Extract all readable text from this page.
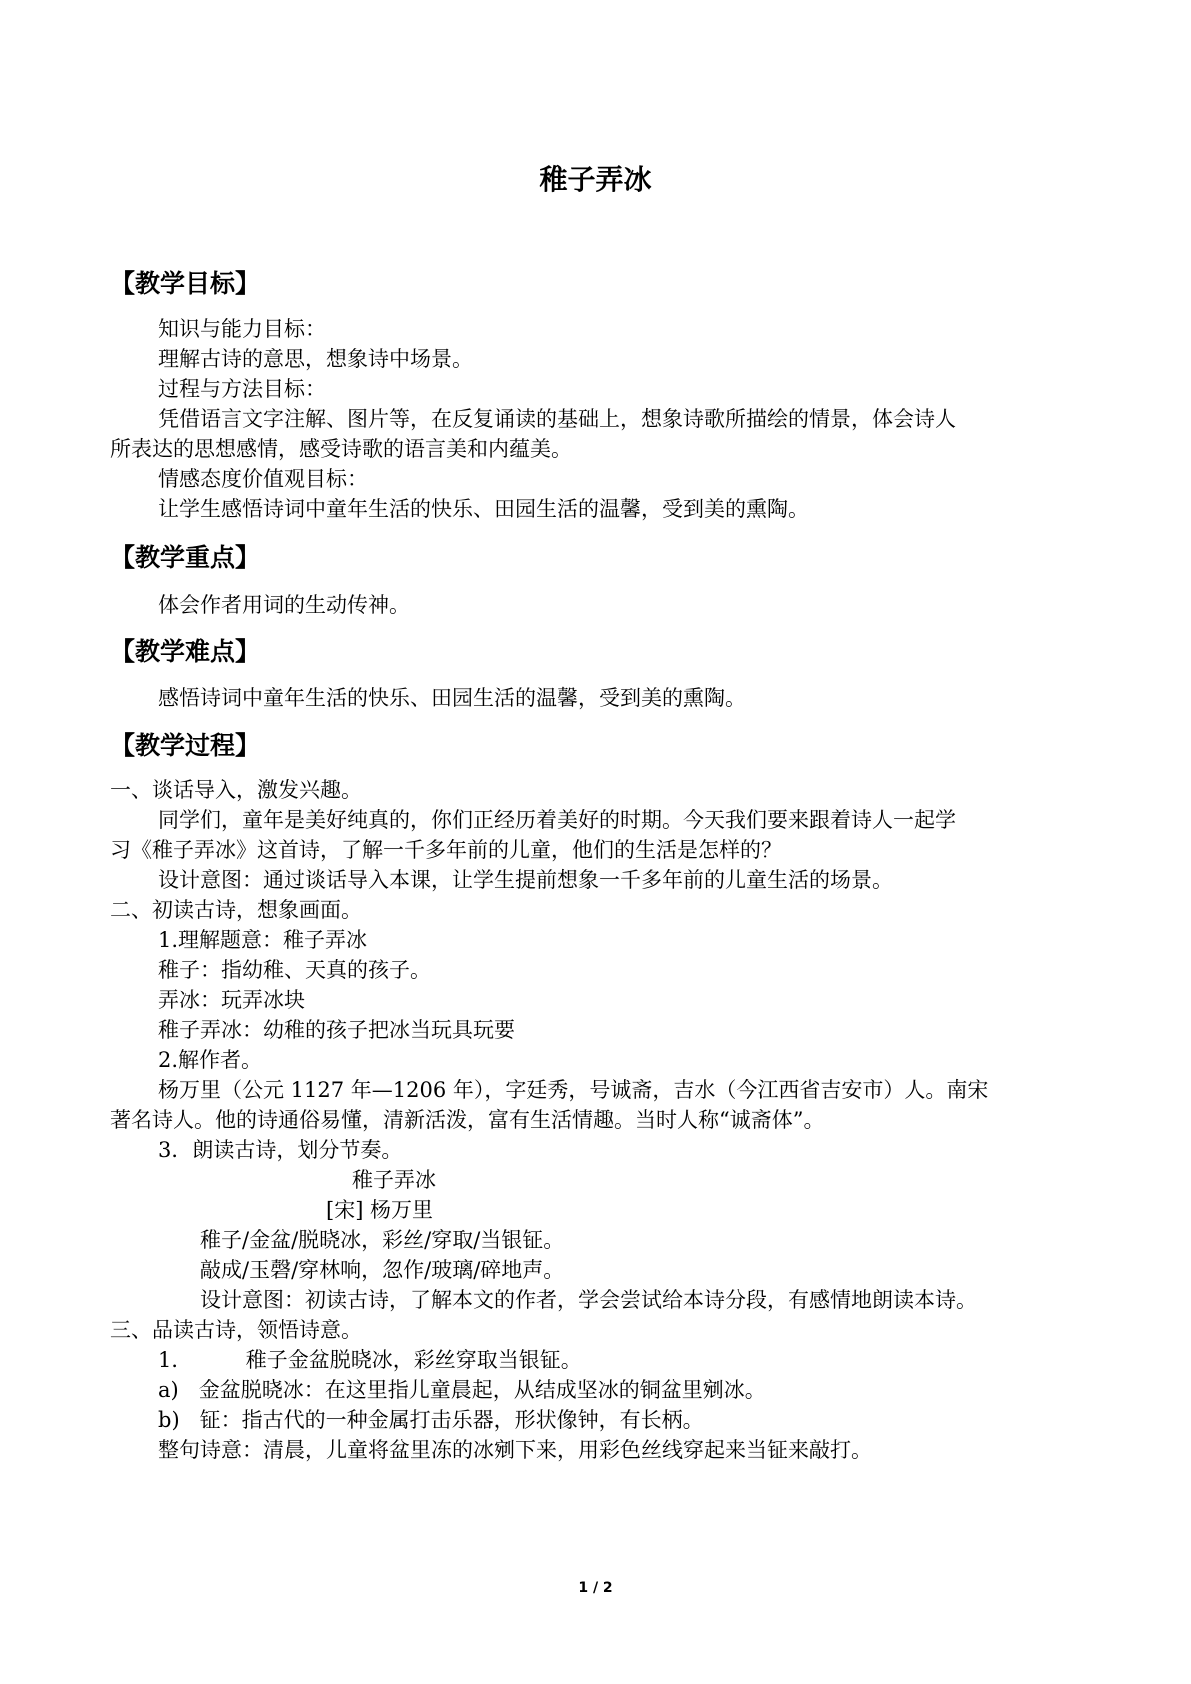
稚子弄冰
【教学目标】
知识与能力目标：
理解古诗的意思，想象诗中场景。
过程与方法目标：
凭借语言文字注解、图片等，在反复诵读的基础上，想象诗歌所描绘的情景，体会诗人
所表达的思想感情，感受诗歌的语言美和内蕴美。
情感态度价值观目标：
让学生感悟诗词中童年生活的快乐、田园生活的温馨，受到美的熏陶。
【教学重点】
体会作者用词的生动传神。
【教学难点】
感悟诗词中童年生活的快乐、田园生活的温馨，受到美的熏陶。
【教学过程】
一、谈话导入，激发兴趣。
同学们，童年是美好纯真的，你们正经历着美好的时期。今天我们要来跟着诗人一起学
习《稚子弄冰》这首诗，了解一千多年前的儿童，他们的生活是怎样的？
设计意图：通过谈话导入本课，让学生提前想象一千多年前的儿童生活的场景。
二、初读古诗，想象画面。
1.理解题意：稚子弄冰
稚子：指幼稚、天真的孩子。
弄冰：玩弄冰块
稚子弄冰：幼稚的孩子把冰当玩具玩要
2.解作者。
杨万里（公元 1127 年—1206 年），字廷秀，号诚斋，吉水（今江西省吉安市）人。南宋
著名诗人。他的诗通俗易懂，清新活泼，富有生活情趣。当时人称“诚斋体”。
3．朗读古诗，划分节奏。
稚子弄冰
[宋] 杨万里
稚子/金盆/脱晓冰，彩丝/穿取/当银钲。
敲成/玉磬/穿林响，忽作/玻璃/碎地声。
设计意图：初读古诗，了解本文的作者，学会尝试给本诗分段，有感情地朗读本诗。
三、品读古诗，领悟诗意。
1．        稚子金盆脱晓冰，彩丝穿取当银钲。
a)   金盆脱晓冰：在这里指儿童晨起，从结成坚冰的铜盆里剜冰。
b)   钲：指古代的一种金属打击乐器，形状像钟，有长柄。
整句诗意：清晨，儿童将盆里冻的冰剜下来，用彩色丝线穿起来当钲来敲打。
1 / 2
